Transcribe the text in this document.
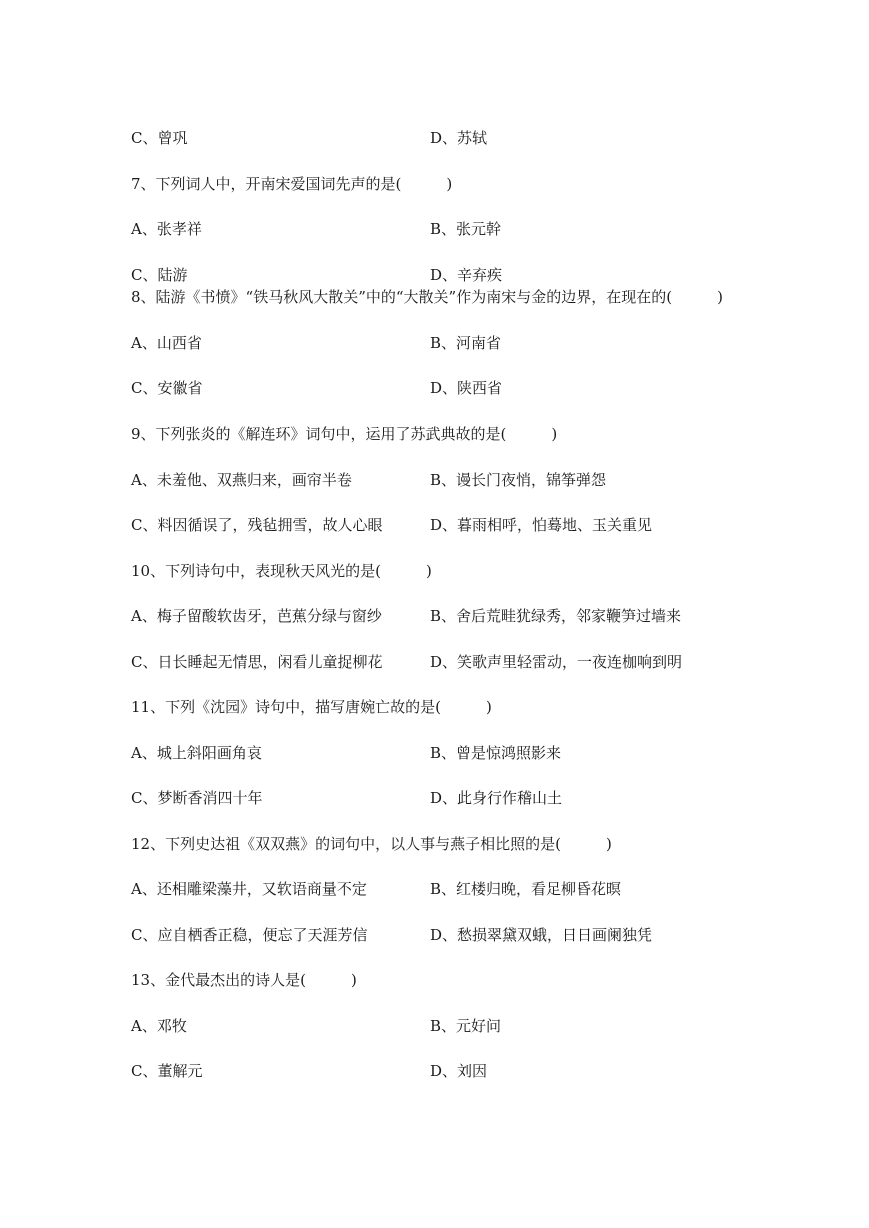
C、曾巩	D、苏轼
7、下列词人中，开南宋爱国词先声的是(　　　)
A、张孝祥	B、张元幹
C、陆游	D、辛弃疾
8、陆游《书愤》“铁马秋风大散关”中的“大散关”作为南宋与金的边界，在现在的(　　　)
A、山西省	B、河南省
C、安徽省	D、陕西省
9、下列张炎的《解连环》词句中，运用了苏武典故的是(　　　)
A、未羞他、双燕归来，画帘半卷	B、谩长门夜悄，锦筝弹怨
C、料因循误了，残毡拥雪，故人心眼	D、暮雨相呼，怕蓦地、玉关重见
10、下列诗句中，表现秋天风光的是(　　　)
A、梅子留酸软齿牙，芭蕉分绿与窗纱	B、舍后荒畦犹绿秀，邻家鞭笋过墙来
C、日长睡起无情思，闲看儿童捉柳花	D、笑歌声里轻雷动，一夜连枷响到明
11、下列《沈园》诗句中，描写唐婉亡故的是(　　　)
A、城上斜阳画角哀	B、曾是惊鸿照影来
C、梦断香消四十年	D、此身行作稽山土
12、下列史达祖《双双燕》的词句中，以人事与燕子相比照的是(　　　)
A、还相雕梁藻井，又软语商量不定	B、红楼归晚，看足柳昏花暝
C、应自栖香正稳，便忘了天涯芳信	D、愁损翠黛双蛾，日日画阑独凭
13、金代最杰出的诗人是(　　　)
A、邓牧	B、元好问
C、董解元	D、刘因
